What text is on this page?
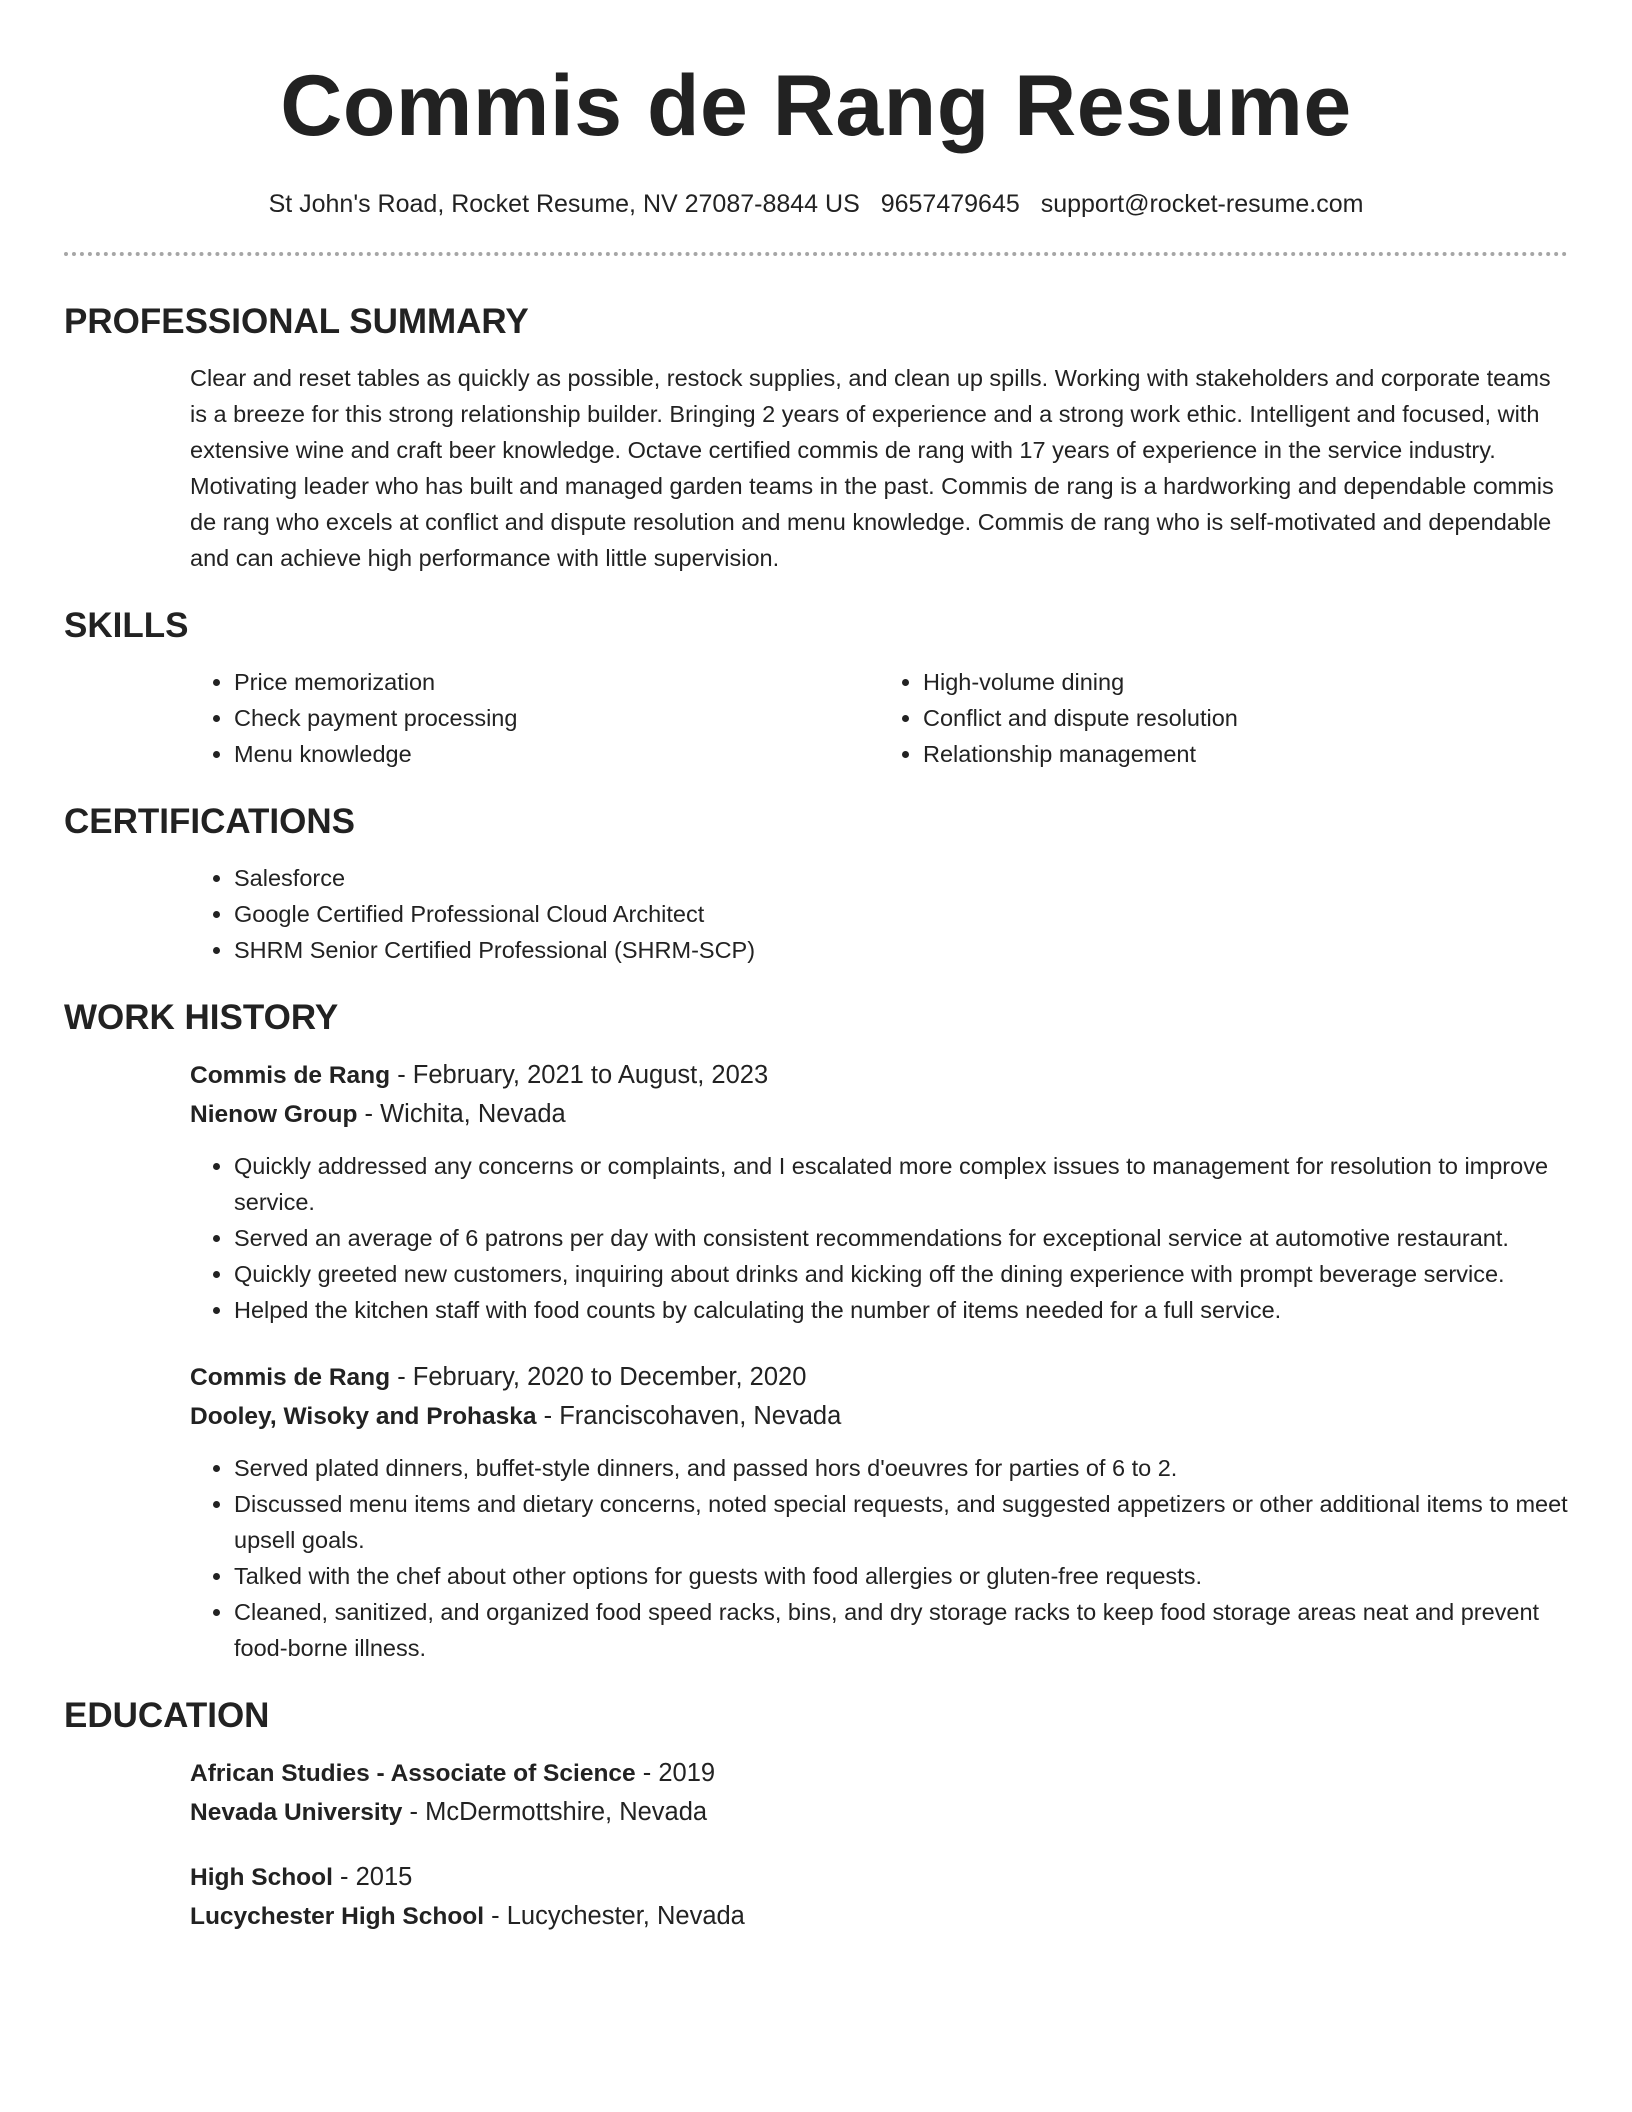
Commis de Rang Resume
St John's Road, Rocket Resume, NV 27087-8844 US 9657479645 support@rocket-resume.com
PROFESSIONAL SUMMARY
Clear and reset tables as quickly as possible, restock supplies, and clean up spills. Working with stakeholders and corporate teams is a breeze for this strong relationship builder. Bringing 2 years of experience and a strong work ethic. Intelligent and focused, with extensive wine and craft beer knowledge. Octave certified commis de rang with 17 years of experience in the service industry. Motivating leader who has built and managed garden teams in the past. Commis de rang is a hardworking and dependable commis de rang who excels at conflict and dispute resolution and menu knowledge. Commis de rang who is self-motivated and dependable and can achieve high performance with little supervision.
SKILLS
• Price memorization
• Check payment processing
• Menu knowledge
• High-volume dining
• Conflict and dispute resolution
• Relationship management
CERTIFICATIONS
• Salesforce
• Google Certified Professional Cloud Architect
• SHRM Senior Certified Professional (SHRM-SCP)
WORK HISTORY
Commis de Rang - February, 2021 to August, 2023
Nienow Group - Wichita, Nevada
• Quickly addressed any concerns or complaints, and I escalated more complex issues to management for resolution to improve service.
• Served an average of 6 patrons per day with consistent recommendations for exceptional service at automotive restaurant.
• Quickly greeted new customers, inquiring about drinks and kicking off the dining experience with prompt beverage service.
• Helped the kitchen staff with food counts by calculating the number of items needed for a full service.
Commis de Rang - February, 2020 to December, 2020
Dooley, Wisoky and Prohaska - Franciscohaven, Nevada
• Served plated dinners, buffet-style dinners, and passed hors d'oeuvres for parties of 6 to 2.
• Discussed menu items and dietary concerns, noted special requests, and suggested appetizers or other additional items to meet upsell goals.
• Talked with the chef about other options for guests with food allergies or gluten-free requests.
• Cleaned, sanitized, and organized food speed racks, bins, and dry storage racks to keep food storage areas neat and prevent food-borne illness.
EDUCATION
African Studies - Associate of Science - 2019
Nevada University - McDermottshire, Nevada
High School - 2015
Lucychester High School - Lucychester, Nevada
